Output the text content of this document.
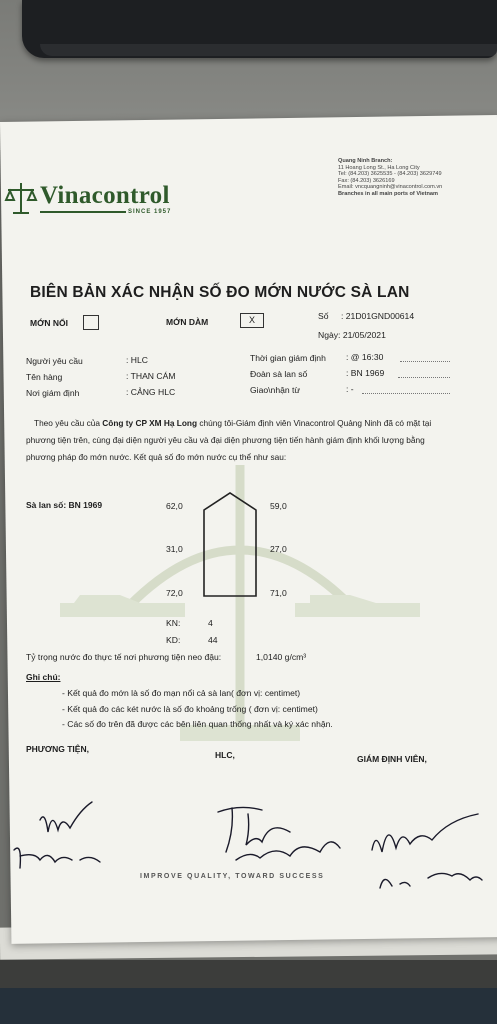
Vinacontrol
SINCE 1957
Quang Ninh Branch:
11 Hoang Long St., Ha Long City
Tel: (84.203) 3625535 - (84.203) 3629749
Fax: (84.203) 3626169
Email: vncquangninh@vinacontrol.com.vn
Branches in all main ports of Vietnam
BIÊN BẢN XÁC NHẬN SỐ ĐO MỚN NƯỚC SÀ LAN
MỚN NỔI	MỚN DÀM	X	Số : 21D01GND00614
Ngày: 21/05/2021
Người yêu cầu	: HLC
Tên hàng	: THAN CÁM
Nơi giám định	: CẢNG HLC
Thời gian giám định : @ 16:30
Đoàn sà lan số	: BN 1969
Giao\nhận từ	: -
Theo yêu cầu của Công ty CP XM Hạ Long chúng tôi-Giám định viên Vinacontrol Quảng Ninh đã có mặt tại phương tiện trên, cùng đại diện người yêu cầu và đại diện phương tiện tiến hành giám định khối lượng bằng phương pháp đo mớn nước. Kết quả số đo mớn nước cụ thể như sau:
Sà lan số: BN 1969	62,0	59,0
31,0	27,0
72,0	71,0
KN:	4
KD:	44
Tỷ trọng nước đo thực tế nơi phương tiện neo đậu:	1,0140 g/cm³
Ghi chú:
- Kết quả đo mớn là số đo mạn nổi cả sà lan( đơn vị: centimet)
- Kết quả đo các két nước là số đo khoảng trống ( đơn vị: centimet)
- Các số đo trên đã được các bên liên quan thống nhất và ký xác nhận.
PHƯƠNG TIỆN,
HLC,	GIÁM ĐỊNH VIÊN,
IMPROVE QUALITY, TOWARD SUCCESS
